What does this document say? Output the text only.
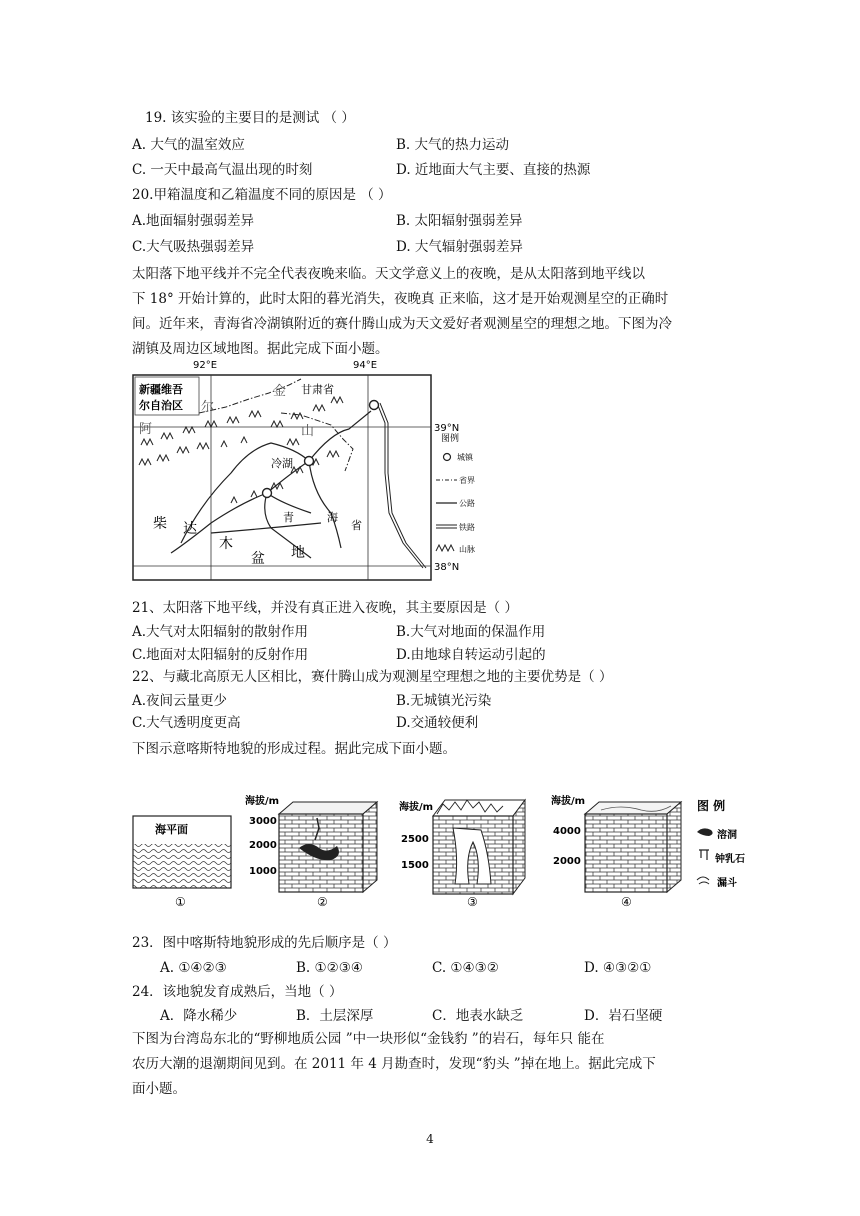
19. 该实验的主要目的是测试 （ ）
A. 大气的温室效应	B. 大气的热力运动
C. 一天中最高气温出现的时刻	D. 近地面大气主要、直接的热源
20.甲箱温度和乙箱温度不同的原因是 （ ）
A.地面辐射强弱差异	B. 太阳辐射强弱差异
C.大气吸热强弱差异	D. 大气辐射强弱差异
太阳落下地平线并不完全代表夜晚来临。天文学意义上的夜晚，是从太阳落到地平线以
下 18° 开始计算的，此时太阳的暮光消失，夜晚真 正来临，这才是开始观测星空的正确时
间。近年来，青海省冷湖镇附近的赛什腾山成为天文爱好者观测星空的理想之地。下图为冷
湖镇及周边区域地图。据此完成下面小题。
92°E	94°E
39°N
38°N
新疆维吾
尔自治区
甘肃省
金
尔
山
阿
冷湖
柴 达
木
盆 地
青	海
省
图例
城镇
省界
公路
铁路
山脉
21、太阳落下地平线，并没有真正进入夜晚，其主要原因是（ ）
A.大气对太阳辐射的散射作用	B.大气对地面的保温作用
C.地面对太阳辐射的反射作用	D.由地球自转运动引起的
22、与藏北高原无人区相比，赛什腾山成为观测星空理想之地的主要优势是（ ）
A.夜间云量更少	B.无城镇光污染
C.大气透明度更高	D.交通较便利
下图示意喀斯特地貌的形成过程。据此完成下面小题。
海平面
①
海拔/m
3000
2000
1000
②
海拔/m
2500
1500
③
海拔/m
4000
2000
④
图 例
溶洞
钟乳石
漏斗
23．图中喀斯特地貌形成的先后顺序是（ ）
A. ①④②③	B. ①②③④	C. ①④③②	D. ④③②①
24．该地貌发育成熟后，当地（ ）
A．降水稀少	B．土层深厚	C．地表水缺乏	D．岩石坚硬
下图为台湾岛东北的“野柳地质公园 ”中一块形似“金钱豹 ”的岩石，每年只 能在
农历大潮的退潮期间见到。在 2011 年 4 月勘查时，发现“豹头 ”掉在地上。据此完成下
面小题。
4
